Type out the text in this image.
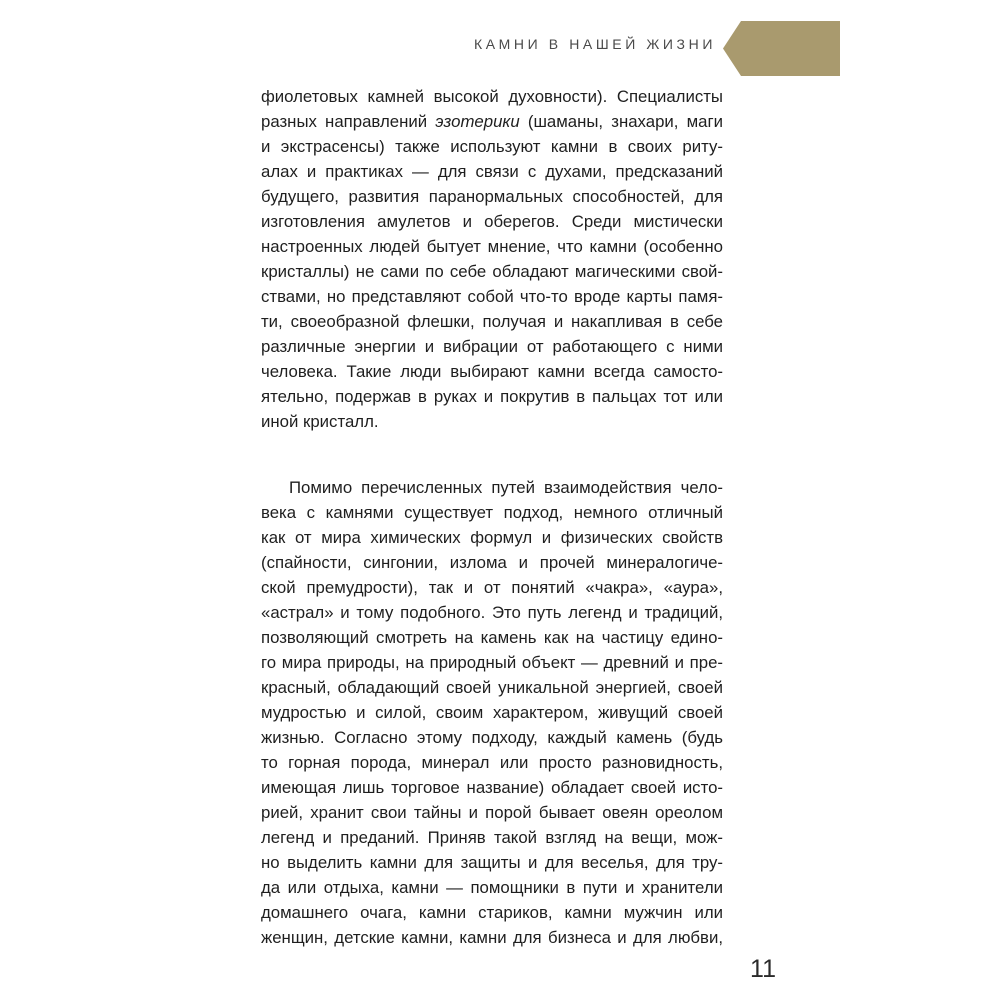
КАМНИ В НАШЕЙ ЖИЗНИ
фиолетовых камней высокой духовности). Специалисты
разных направлений эзотерики (шаманы, знахари, маги
и экстрасенсы) также используют камни в своих риту-
алах и практиках — для связи с духами, предсказаний
будущего, развития паранормальных способностей, для
изготовления амулетов и оберегов. Среди мистически
настроенных людей бытует мнение, что камни (особенно
кристаллы) не сами по себе обладают магическими свой-
ствами, но представляют собой что-то вроде карты памя-
ти, своеобразной флешки, получая и накапливая в себе
различные энергии и вибрации от работающего с ними
человека. Такие люди выбирают камни всегда самосто-
ятельно, подержав в руках и покрутив в пальцах тот или
иной кристалл.
Помимо перечисленных путей взаимодействия чело-
века с камнями существует подход, немного отличный
как от мира химических формул и физических свойств
(спайности, сингонии, излома и прочей минералогиче-
ской премудрости), так и от понятий «чакра», «аура»,
«астрал» и тому подобного. Это путь легенд и традиций,
позволяющий смотреть на камень как на частицу едино-
го мира природы, на природный объект — древний и пре-
красный, обладающий своей уникальной энергией, своей
мудростью и силой, своим характером, живущий своей
жизнью. Согласно этому подходу, каждый камень (будь
то горная порода, минерал или просто разновидность,
имеющая лишь торговое название) обладает своей исто-
рией, хранит свои тайны и порой бывает овеян ореолом
легенд и преданий. Приняв такой взгляд на вещи, мож-
но выделить камни для защиты и для веселья, для тру-
да или отдыха, камни — помощники в пути и хранители
домашнего очага, камни стариков, камни мужчин или
женщин, детские камни, камни для бизнеса и для любви,
11
